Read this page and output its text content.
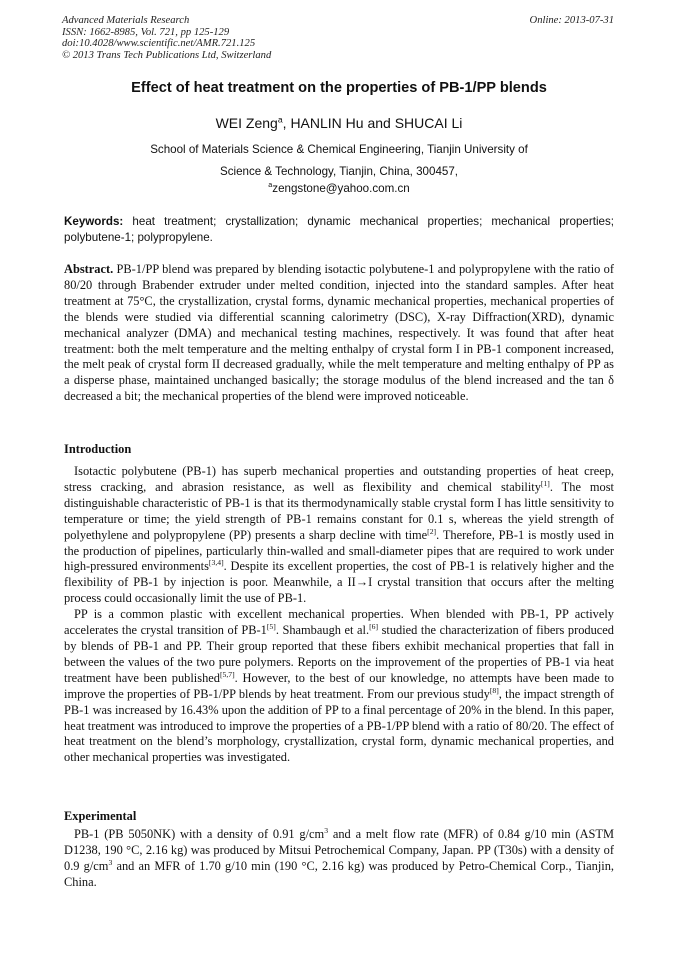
Advanced Materials Research
ISSN: 1662-8985, Vol. 721, pp 125-129
doi:10.4028/www.scientific.net/AMR.721.125
© 2013 Trans Tech Publications Ltd, Switzerland
Online: 2013-07-31
Effect of heat treatment on the properties of PB-1/PP blends
WEI Zeng$^a$, HANLIN Hu and SHUCAI Li
School of Materials Science & Chemical Engineering, Tianjin University of
Science & Technology, Tianjin, China, 300457,
$^a$zengstone@yahoo.com.cn
Keywords: heat treatment; crystallization; dynamic mechanical properties; mechanical properties; polybutene-1; polypropylene.
Abstract. PB-1/PP blend was prepared by blending isotactic polybutene-1 and polypropylene with the ratio of 80/20 through Brabender extruder under melted condition, injected into the standard samples. After heat treatment at 75°C, the crystallization, crystal forms, dynamic mechanical properties, mechanical properties of the blends were studied via differential scanning calorimetry (DSC), X-ray Diffraction(XRD), dynamic mechanical analyzer (DMA) and mechanical testing machines, respectively. It was found that after heat treatment: both the melt temperature and the melting enthalpy of crystal form I in PB-1 component increased, the melt peak of crystal form II decreased gradually, while the melt temperature and melting enthalpy of PP as a disperse phase, maintained unchanged basically; the storage modulus of the blend increased and the tan δ decreased a bit; the mechanical properties of the blend were improved noticeable.
Introduction

Isotactic polybutene (PB-1) has superb mechanical properties and outstanding properties of heat creep, stress cracking, and abrasion resistance, as well as flexibility and chemical stability[1]. The most distinguishable characteristic of PB-1 is that its thermodynamically stable crystal form I has little sensitivity to temperature or time; the yield strength of PB-1 remains constant for 0.1 s, whereas the yield strength of polyethylene and polypropylene (PP) presents a sharp decline with time[2]. Therefore, PB-1 is mostly used in the production of pipelines, particularly thin-walled and small-diameter pipes that are required to work under high-pressured environments[3,4]. Despite its excellent properties, the cost of PB-1 is relatively higher and the flexibility of PB-1 by injection is poor. Meanwhile, a II→I crystal transition that occurs after the melting process could occasionally limit the use of PB-1.

PP is a common plastic with excellent mechanical properties. When blended with PB-1, PP actively accelerates the crystal transition of PB-1[5]. Shambaugh et al.[6] studied the characterization of fibers produced by blends of PB-1 and PP. Their group reported that these fibers exhibit mechanical properties that fall in between the values of the two pure polymers. Reports on the improvement of the properties of PB-1 via heat treatment have been published[5,7]. However, to the best of our knowledge, no attempts have been made to improve the properties of PB-1/PP blends by heat treatment. From our previous study[8], the impact strength of PB-1 was increased by 16.43% upon the addition of PP to a final percentage of 20% in the blend. In this paper, heat treatment was introduced to improve the properties of a PB-1/PP blend with a ratio of 80/20. The effect of heat treatment on the blend’s morphology, crystallization, crystal form, dynamic mechanical properties, and other mechanical properties was investigated.

Experimental

PB-1 (PB 5050NK) with a density of 0.91 $g/cm^3$ and a melt flow rate (MFR) of 0.84 g/10 min (ASTM D1238, 190 °C, 2.16 kg) was produced by Mitsui Petrochemical Company, Japan. PP (T30s) with a density of 0.9 $g/cm^3$ and an MFR of 1.70 g/10 min (190 °C, 2.16 kg) was produced by Petro-Chemical Corp., Tianjin, China.
